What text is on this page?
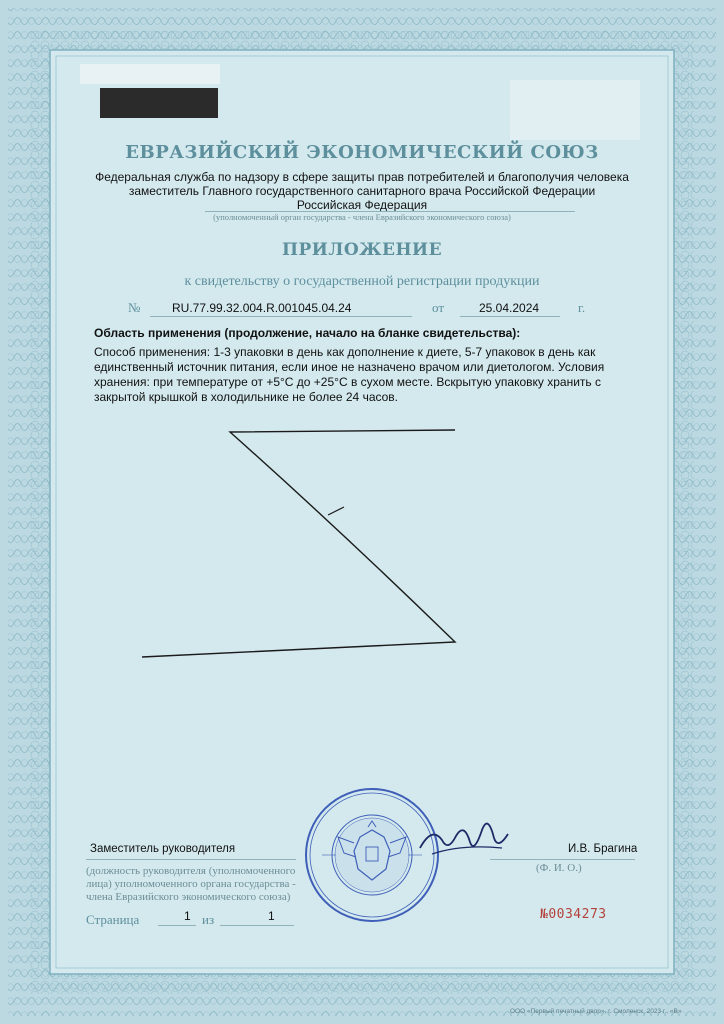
ЕВРАЗИЙСКИЙ ЭКОНОМИЧЕСКИЙ СОЮЗ
Федеральная служба по надзору в сфере защиты прав потребителей и благополучия человека
заместитель Главного государственного санитарного врача Российской Федерации
Российская Федерация
(уполномоченный орган государства - члена Евразийского экономического союза)
ПРИЛОЖЕНИЕ
к свидетельству о государственной регистрации продукции
№	RU.77.99.32.004.R.001045.04.24	от	25.04.2024	г.
Область применения (продолжение, начало на бланке свидетельства):
Способ применения: 1-3 упаковки в день как дополнение к диете, 5-7 упаковок в день как единственный источник питания, если иное не назначено врачом или диетологом. Условия хранения: при температуре от +5°С до +25°С в сухом месте. Вскрытую упаковку хранить с закрытой крышкой в холодильнике не более 24 часов.
Заместитель руководителя
(должность руководителя (уполномоченного
лица) уполномоченного органа государства -
члена Евразийского экономического союза)
И.В. Брагина
(Ф. И. О.)
Страница	1 из	1	№0034273
ООО «Первый печатный двор», г. Смоленск, 2023 г., «В»
